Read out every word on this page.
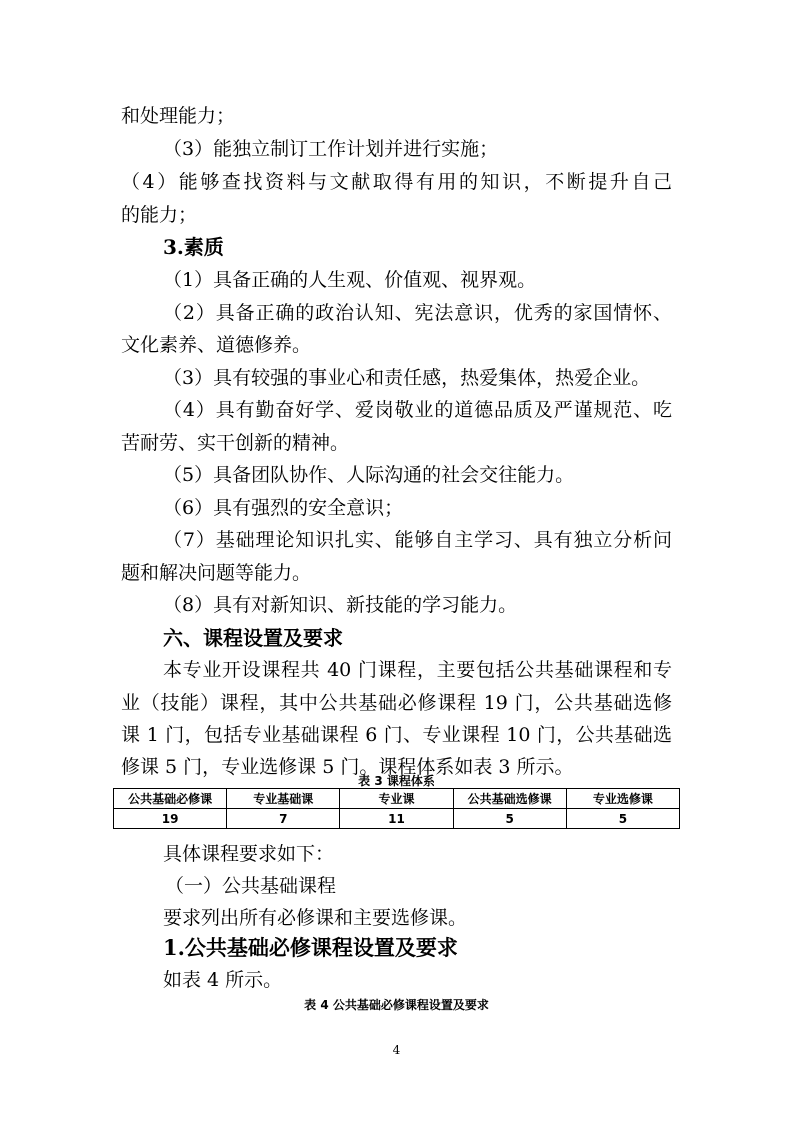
和处理能力；
（3）能独立制订工作计划并进行实施；
（4）能够查找资料与文献取得有用的知识，不断提升自己
的能力；
3.素质
（1）具备正确的人生观、价值观、视界观。
（2）具备正确的政治认知、宪法意识，优秀的家国情怀、
文化素养、道德修养。
（3）具有较强的事业心和责任感，热爱集体，热爱企业。
（4）具有勤奋好学、爱岗敬业的道德品质及严谨规范、吃
苦耐劳、实干创新的精神。
（5）具备团队协作、人际沟通的社会交往能力。
（6）具有强烈的安全意识；
（7）基础理论知识扎实、能够自主学习、具有独立分析问
题和解决问题等能力。
（8）具有对新知识、新技能的学习能力。
六、课程设置及要求
本专业开设课程共 40 门课程，主要包括公共基础课程和专
业（技能）课程，其中公共基础必修课程 19 门，公共基础选修
课 1 门，包括专业基础课程 6 门、专业课程 10 门，公共基础选
修课 5 门，专业选修课 5 门。课程体系如表 3 所示。
表 3 课程体系
公共基础必修课	专业基础课	专业课	公共基础选修课	专业选修课
19	7	11	5	5
具体课程要求如下：
（一）公共基础课程
要求列出所有必修课和主要选修课。
1.公共基础必修课程设置及要求
如表 4 所示。
表 4 公共基础必修课程设置及要求
4
